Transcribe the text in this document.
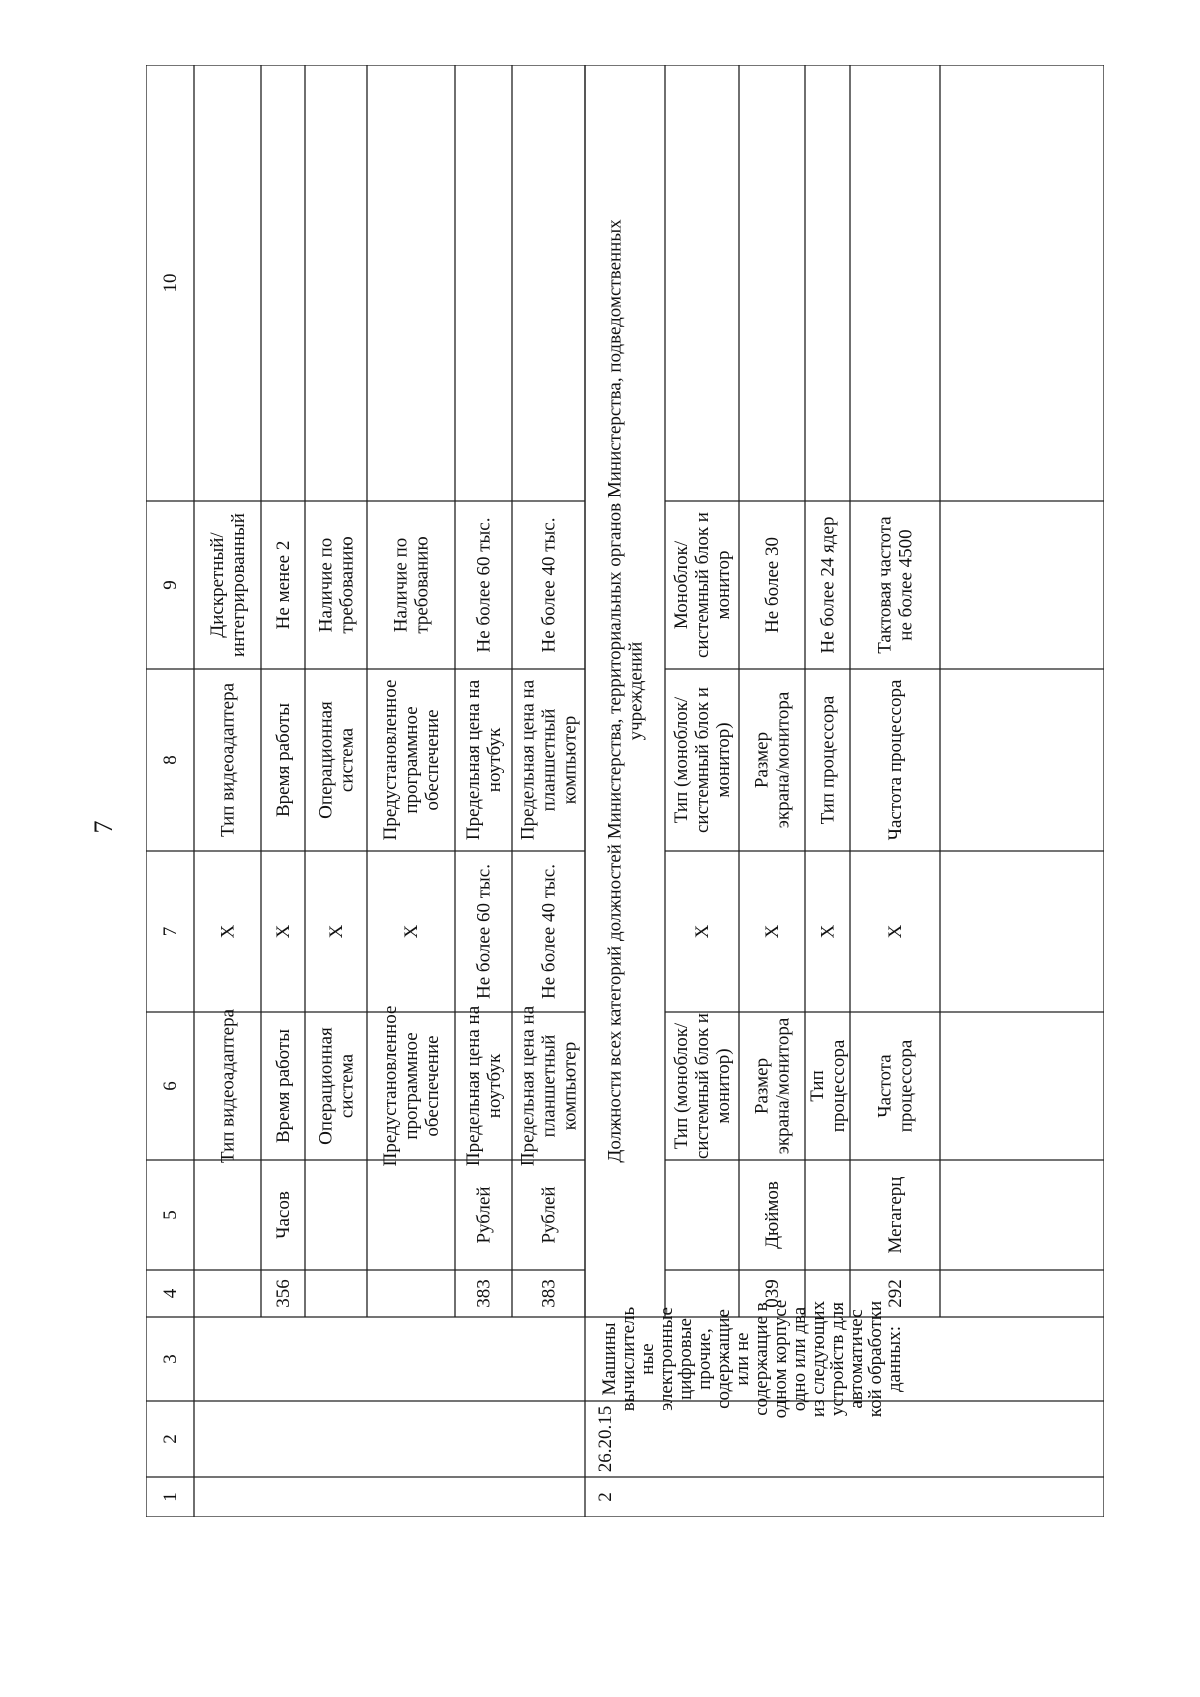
7
1
2
3
4
5
6
7
8
9
10
Тип видеоадаптера
Х
Тип видеоадаптера
Дискретный/интегрированный
356
Часов
Время работы
Х
Время работы
Не менее 2
Операционнаясистема
Х
Операционнаясистема
Наличие потребованию
Предустановленноепрограммноеобеспечение
Х
Предустановленноепрограммноеобеспечение
Наличие потребованию
383
Рублей
Предельная цена наноутбук
Не более 60 тыс.
Предельная цена наноутбук
Не более 60 тыс.
383
Рублей
Предельная цена напланшетныйкомпьютер
Не более 40 тыс.
Предельная цена напланшетныйкомпьютер
Не более 40 тыс.
2
26.20.15
Машинывычислительныеэлектронныецифровыепрочие,содержащиеили несодержащие водном корпусеодно или дваиз следующихустройств дляавтоматической обработкиданных:
Должности всех категорий должностей Министерства, территориальных органов Министерства, подведомственныхучреждений
Тип (моноблок/системный блок имонитор)
Х
Тип (моноблок/системный блок имонитор)
Моноблок/системный блок имонитор
039
Дюймов
Размерэкрана/монитора
Х
Размерэкрана/монитора
Не более 30
Типпроцессора
Х
Тип процессора
Не более 24 ядер
292
Мегагерц
Частотапроцессора
Х
Частота процессора
Тактовая частотане более 4500
